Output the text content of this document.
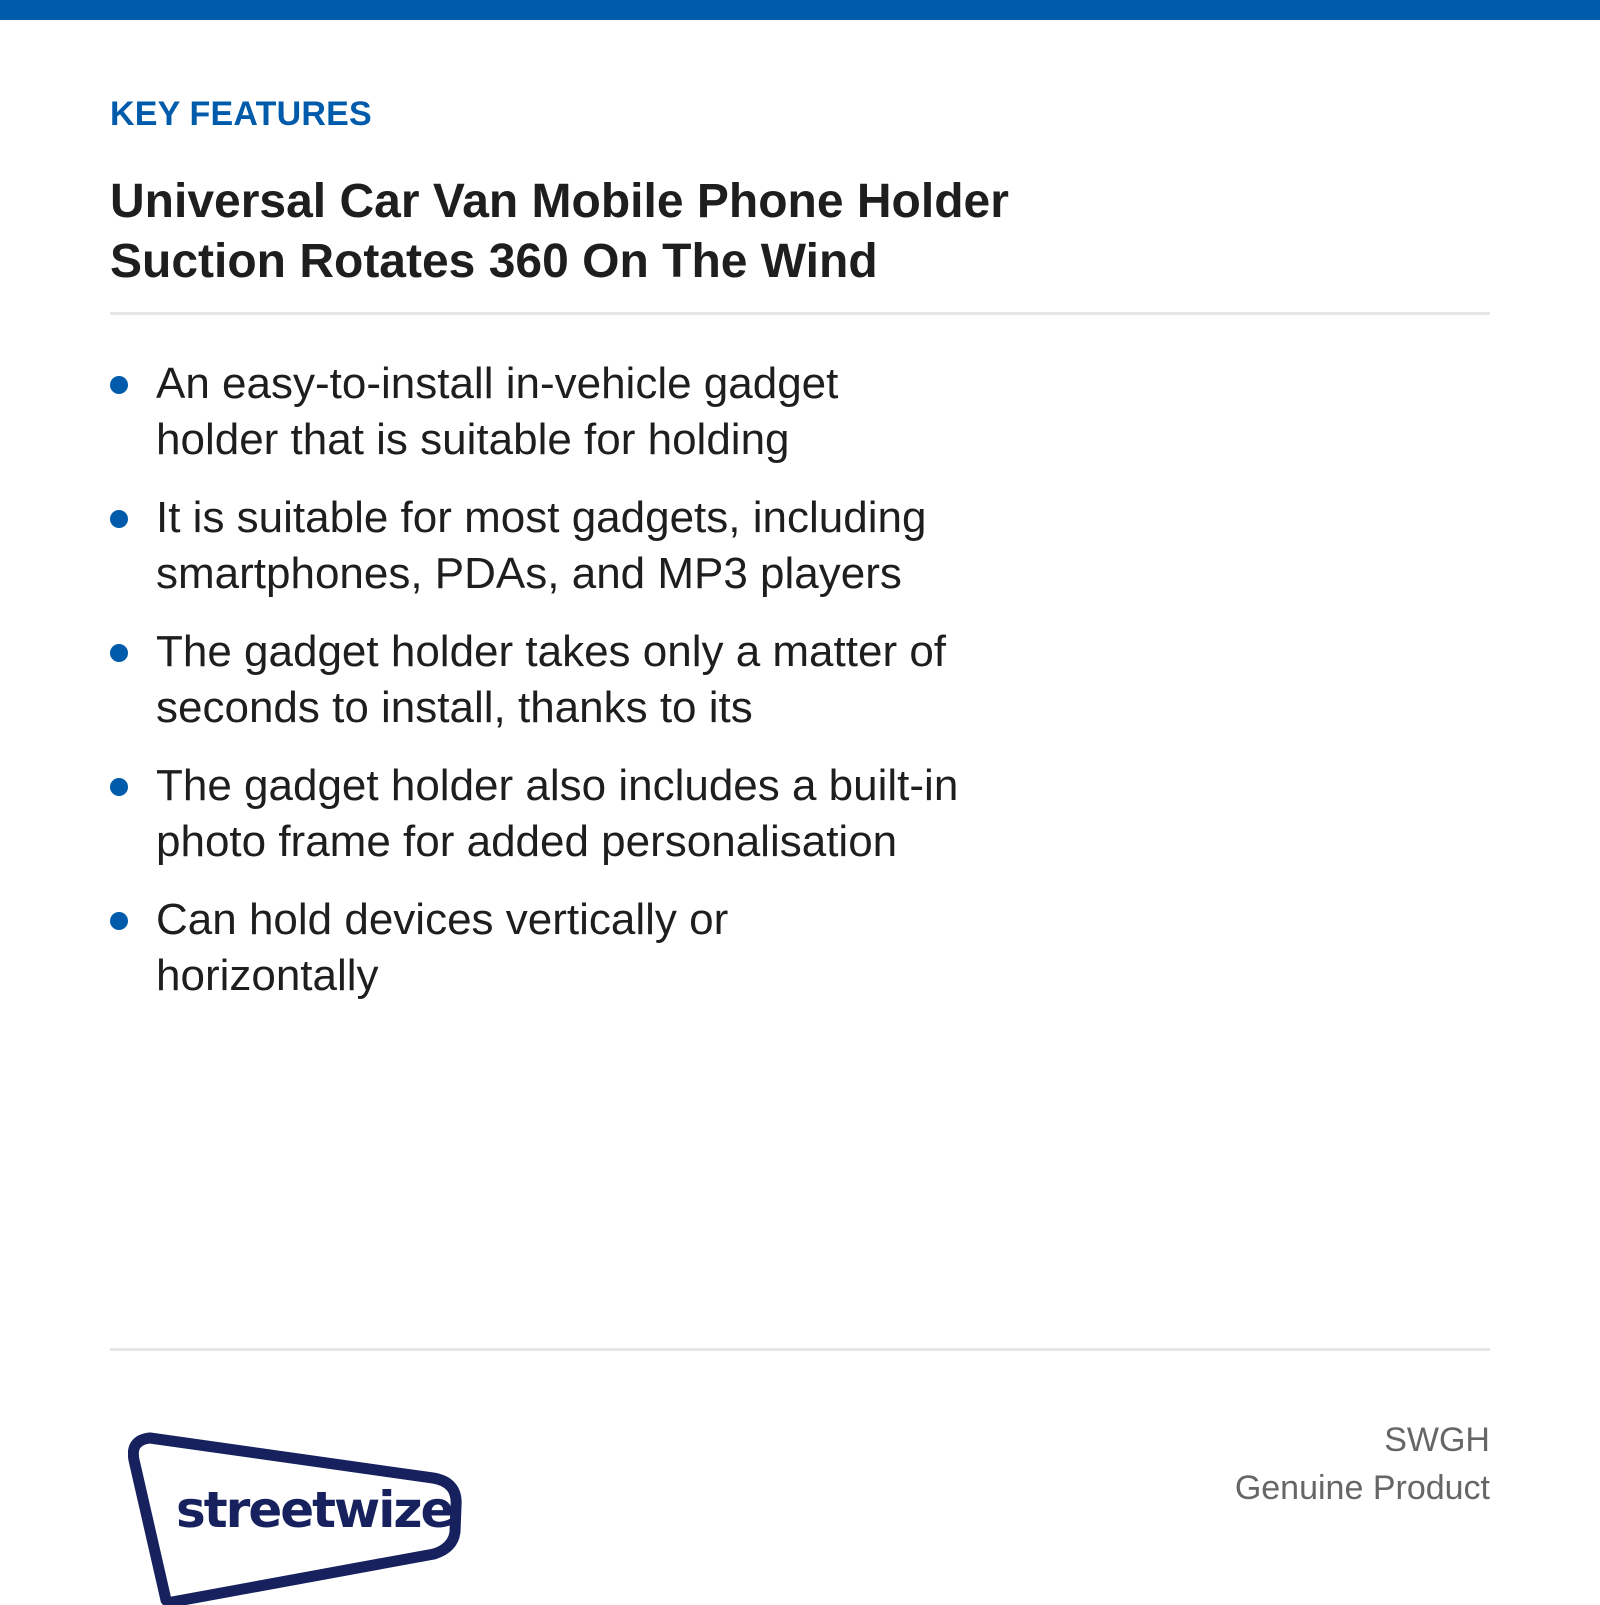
KEY FEATURES
Universal Car Van Mobile Phone Holder
Suction Rotates 360 On The Wind
An easy-to-install in-vehicle gadget
holder that is suitable for holding
It is suitable for most gadgets, including
smartphones, PDAs, and MP3 players
The gadget holder takes only a matter of
seconds to install, thanks to its
The gadget holder also includes a built-in
photo frame for added personalisation
Can hold devices vertically or
horizontally
streetwize
SWGH
Genuine Product
